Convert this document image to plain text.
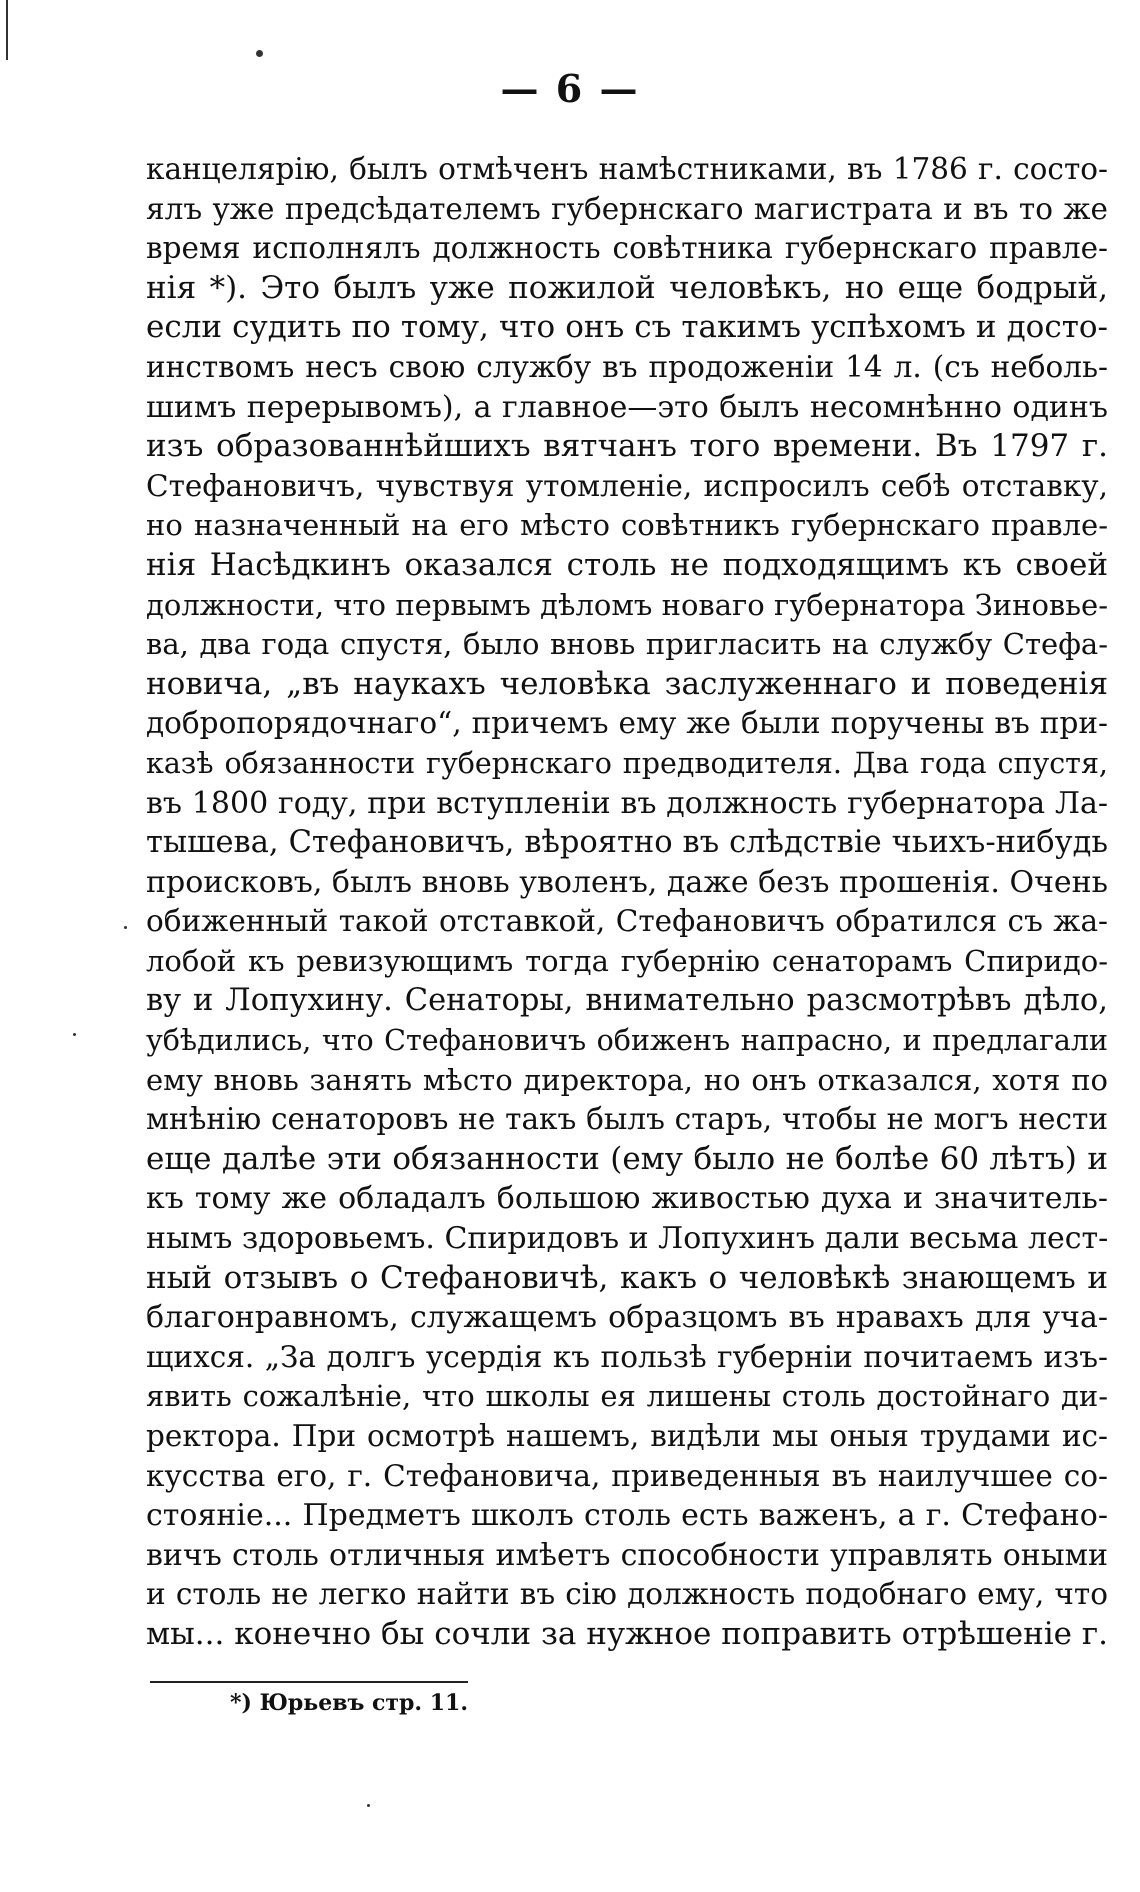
— 6 —
канцелярію, былъ отмѣченъ намѣстниками, въ 1786 г. состо-
ялъ уже предсѣдателемъ губернскаго магистрата и въ то же
время исполнялъ должность совѣтника губернскаго правле-
нія *). Это былъ уже пожилой человѣкъ, но еще бодрый,
если судить по тому, что онъ съ такимъ успѣхомъ и досто-
инствомъ несъ свою службу въ продоженіи 14 л. (съ неболь-
шимъ перерывомъ), а главное—это былъ несомнѣнно одинъ
изъ образованнѣйшихъ вятчанъ того времени. Въ 1797 г.
Стефановичъ, чувствуя утомленіе, испросилъ себѣ отставку,
но назначенный на его мѣсто совѣтникъ губернскаго правле-
нія Насѣдкинъ оказался столь не подходящимъ къ своей
должности, что первымъ дѣломъ новаго губернатора Зиновье-
ва, два года спустя, было вновь пригласить на службу Стефа-
новича, „въ наукахъ человѣка заслуженнаго и поведенія
добропорядочнаго“, причемъ ему же были поручены въ при-
казѣ обязанности губернскаго предводителя. Два года спустя,
въ 1800 году, при вступленіи въ должность губернатора Ла-
тышева, Стефановичъ, вѣроятно въ слѣдствіе чьихъ-нибудь
происковъ, былъ вновь уволенъ, даже безъ прошенія. Очень
обиженный такой отставкой, Стефановичъ обратился съ жа-
лобой къ ревизующимъ тогда губернію сенаторамъ Спиридо-
ву и Лопухину. Сенаторы, внимательно разсмотрѣвъ дѣло,
убѣдились, что Стефановичъ обиженъ напрасно, и предлагали
ему вновь занять мѣсто директора, но онъ отказался, хотя по
мнѣнію сенаторовъ не такъ былъ старъ, чтобы не могъ нести
еще далѣе эти обязанности (ему было не болѣе 60 лѣтъ) и
къ тому же обладалъ большою живостью духа и значитель-
нымъ здоровьемъ. Спиридовъ и Лопухинъ дали весьма лест-
ный отзывъ о Стефановичѣ, какъ о человѣкѣ знающемъ и
благонравномъ, служащемъ образцомъ въ нравахъ для уча-
щихся. „За долгъ усердія къ пользѣ губерніи почитаемъ изъ-
явить сожалѣніе, что школы ея лишены столь достойнаго ди-
ректора. При осмотрѣ нашемъ, видѣли мы оныя трудами ис-
кусства его, г. Стефановича, приведенныя въ наилучшее со-
стояніе... Предметъ школъ столь есть важенъ, а г. Стефано-
вичъ столь отличныя имѣетъ способности управлять оными
и столь не легко найти въ сію должность подобнаго ему, что
мы... конечно бы сочли за нужное поправить отрѣшеніе г.
*) Юрьевъ стр. 11.
